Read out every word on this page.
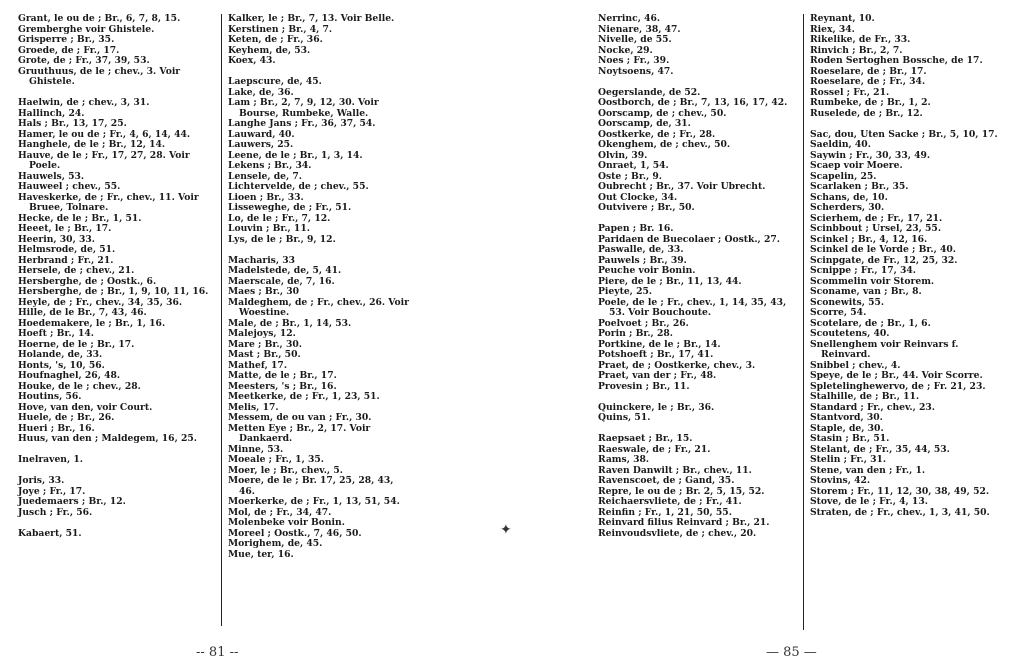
Grant, le ou de ; Br., 6, 7, 8, 15.
Gremberghe voir Ghistele.
Grisperre ; Br., 35.
Groede, de ; Fr., 17.
Grote, de ; Fr., 37, 39, 53.
Gruuthuus, de le ; chev., 3. Voir Ghistele.
Haelwin, de ; chev., 3, 31.
Hallinch, 24.
Hals ; Br., 13, 17, 25.
Hamer, le ou de ; Fr., 4, 6, 14, 44.
Hanghele, de le ; Br., 12, 14.
Hauve, de le ; Fr., 17, 27, 28. Voir Poele.
Hauwels, 53.
Hauweel ; chev., 55.
Haveskerke, de ; Fr., chev., 11. Voir Bruee, Tolnare.
Hecke, de le ; Br., 1, 51.
Heeet, le ; Br., 17.
Heerin, 30, 33.
Helmsrode, de, 51.
Herbrand ; Fr., 21.
Hersele, de ; chev., 21.
Hersberghe, de ; Oostk., 6.
Hersberghe, de ; Br., 1, 9, 10, 11, 16.
Heyle, de ; Fr., chev., 34, 35, 36.
Hille, de le Br., 7, 43, 46.
Hoedemakere, le ; Br., 1, 16.
Hoeft ; Br., 14.
Hoerne, de le ; Br., 17.
Holande, de, 33.
Honts, 's, 10, 56.
Houfnaghel, 26, 48.
Houke, de le ; chev., 28.
Houtins, 56.
Hove, van den, voir Court.
Huele, de ; Br., 26.
Hueri ; Br., 16.
Huus, van den ; Maldegem, 16, 25.
Inelraven, 1.
Joris, 33.
Joye ; Fr., 17.
Juedemaers ; Br., 12.
Jusch ; Fr., 56.
Kabaert, 51.
Kalker, le ; Br., 7, 13. Voir Belle.
Kerstinen ; Br., 4, 7.
Keten, de ; Fr., 36.
Keyhem, de, 53.
Koex, 43.
Laepscure, de, 45.
Lake, de, 36.
Lam ; Br., 2, 7, 9, 12, 30. Voir Bourse, Rumbeke, Walle.
Langhe Jans ; Fr., 36, 37, 54.
Lauward, 40.
Lauwers, 25.
Leene, de le ; Br., 1, 3, 14.
Lekens ; Br., 34.
Lensele, de, 7.
Lichtervelde, de ; chev., 55.
Lioen ; Br., 33.
Lisseweghe, de ; Fr., 51.
Lo, de le ; Fr., 7, 12.
Louvin ; Br., 11.
Lys, de le ; Br., 9, 12.
Macharis, 33
Madelstede, de, 5, 41.
Maerscale, de, 7, 16.
Maes ; Br., 30
Maldeghem, de ; Fr., chev., 26. Voir Woestine.
Male, de ; Br., 1, 14, 53.
Malejoys, 12.
Mare ; Br., 30.
Mast ; Br., 50.
Mathef, 17.
Matte, de le ; Br., 17.
Meesters, 's ; Br., 16.
Meetkerke, de ; Fr., 1, 23, 51.
Melis, 17.
Messem, de ou van ; Fr., 30.
Metten Eye ; Br., 2, 17. Voir Dankaerd.
Minne, 53.
Moeale ; Fr., 1, 35.
Moer, le ; Br., chev., 5.
Moere, de le ; Br. 17, 25, 28, 43, 46.
Moerkerke, de ; Fr., 1, 13, 51, 54.
Mol, de ; Fr., 34, 47.
Molenbeke voir Bonin.
Moreel ; Oostk., 7, 46, 50.
Morighem, de, 45.
Mue, ter, 16.
-- 81 --
✦
Nerrinc, 46.
Nienare, 38, 47.
Nivelle, de 55.
Nocke, 29.
Noes ; Fr., 39.
Noytsoens, 47.
Oegerslande, de 52.
Oostborch, de ; Br., 7, 13, 16, 17, 42.
Oorscamp, de ; chev., 50.
Oorscamp, de, 31.
Oostkerke, de ; Fr., 28.
Okenghem, de ; chev., 50.
Olvin, 39.
Onraet, 1, 54.
Oste ; Br., 9.
Oubrecht ; Br., 37. Voir Ubrecht.
Out Clocke, 34.
Outvivere ; Br., 50.
Papen ; Br. 16.
Paridaen de Buecolaer ; Oostk., 27.
Paswalle, de, 33.
Pauwels ; Br., 39.
Peuche voir Bonin.
Piere, de le ; Br., 11, 13, 44.
Pieyte, 25.
Poele, de le ; Fr., chev., 1, 14, 35, 43, 53. Voir Bouchoute.
Poelvoet ; Br., 26.
Porin ; Br., 28.
Portkine, de le ; Br., 14.
Potshoeft ; Br., 17, 41.
Praet, de ; Oostkerke, chev., 3.
Praet, van der ; Fr., 48.
Provesin ; Br., 11.
Quinckere, le ; Br., 36.
Quins, 51.
Raepsaet ; Br., 15.
Raeswale, de ; Fr., 21.
Rams, 38.
Raven Danwilt ; Br., chev., 11.
Ravenscoet, de ; Gand, 35.
Repre, le ou de ; Br. 2, 5, 15, 52.
Reichaersvliete, de ; Fr., 41.
Reinfin ; Fr., 1, 21, 50, 55.
Reinvard filius Reinvard ; Br., 21.
Reinvoudsvliete, de ; chev., 20.
Reynant, 10.
Riex, 34.
Rikelike, de Fr., 33.
Rinvich ; Br., 2, 7.
Roden Sertoghen Bossche, de 17.
Roeselare, de ; Br., 17.
Roeselare, de ; Fr., 34.
Rossel ; Fr., 21.
Rumbeke, de ; Br., 1, 2.
Ruselede, de ; Br., 12.
Sac, dou, Uten Sacke ; Br., 5, 10, 17.
Saeldin, 40.
Saywin ; Fr., 30, 33, 49.
Scaep voir Moere.
Scapelin, 25.
Scarlaken ; Br., 35.
Schans, de, 10.
Scherders, 30.
Scierhem, de ; Fr., 17, 21.
Scinbbout ; Ursel, 23, 55.
Scinkel ; Br., 4, 12, 16.
Scinkel de le Vorde ; Br., 40.
Scinpgate, de Fr., 12, 25, 32.
Scnippe ; Fr., 17, 34.
Scommelin voir Storem.
Sconame, van ; Br., 8.
Sconewits, 55.
Scorre, 54.
Scotelare, de ; Br., 1, 6.
Scoutetens, 40.
Snellenghem voir Reinvars f. Reinvard.
Snibbel ; chev., 4.
Speye, de le ; Br., 44. Voir Scorre.
Spletelinghewervo, de ; Fr. 21, 23.
Stalhille, de ; Br., 11.
Standard ; Fr., chev., 23.
Stantvord, 30.
Staple, de, 30.
Stasin ; Br., 51.
Stelant, de ; Fr., 35, 44, 53.
Stelin ; Fr., 31.
Stene, van den ; Fr., 1.
Stovins, 42.
Storem ; Fr., 11, 12, 30, 38, 49, 52.
Stove, de le ; Fr., 4, 13.
Straten, de ; Fr., chev., 1, 3, 41, 50.
— 85 —
